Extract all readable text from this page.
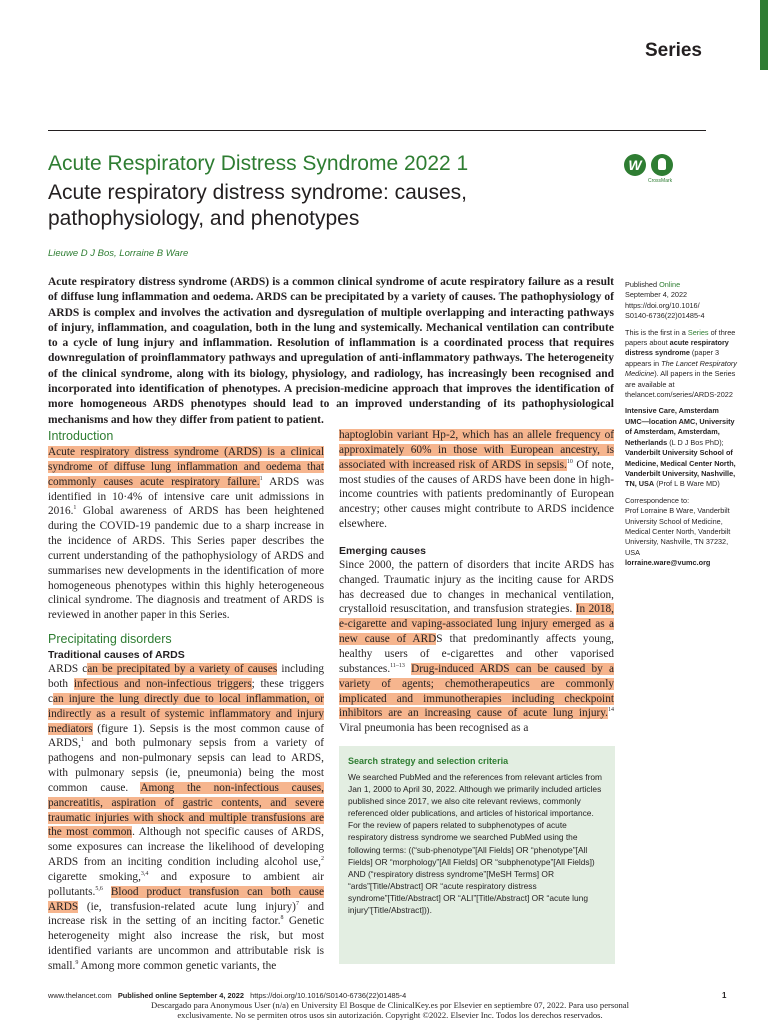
Series
Acute Respiratory Distress Syndrome 2022 1
Acute respiratory distress syndrome: causes, pathophysiology, and phenotypes
Lieuwe D J Bos, Lorraine B Ware
W
CrossMark

Acute respiratory distress syndrome (ARDS) is a common clinical syndrome of acute respiratory failure as a result of diffuse lung inflammation and oedema. ARDS can be precipitated by a variety of causes. The pathophysiology of ARDS is complex and involves the activation and dysregulation of multiple overlapping and interacting pathways of injury, inflammation, and coagulation, both in the lung and systemically. Mechanical ventilation can contribute to a cycle of lung injury and inflammation. Resolution of inflammation is a coordinated process that requires downregulation of proinflammatory pathways and upregulation of anti-inflammatory pathways. The heterogeneity of the clinical syndrome, along with its biology, physiology, and radiology, has increasingly been recognised and incorporated into identification of phenotypes. A precision-medicine approach that improves the identification of more homogeneous ARDS phenotypes should lead to an improved understanding of its pathophysiological mechanisms and how they differ from patient to patient.

Published Online
September 4, 2022
https://doi.org/10.1016/
S0140-6736(22)01485-4

This is the first in a Series of three papers about acute respiratory distress syndrome (paper 3 appears in The Lancet Respiratory Medicine). All papers in the Series are available at thelancet.com/series/ARDS-2022

Intensive Care, Amsterdam UMC—location AMC, University of Amsterdam, Amsterdam, Netherlands (L D J Bos PhD); Vanderbilt University School of Medicine, Medical Center North, Vanderbilt University, Nashville, TN, USA (Prof L B Ware MD)

Correspondence to:
Prof Lorraine B Ware, Vanderbilt University School of Medicine, Medical Center North, Vanderbilt University, Nashville, TN 37232, USA
lorraine.ware@vumc.org

Introduction

Acute respiratory distress syndrome (ARDS) is a clinical syndrome of diffuse lung inflammation and oedema that commonly causes acute respiratory failure.$^1$ ARDS was identified in 10·4% of intensive care unit admissions in 2016.$^1$ Global awareness of ARDS has been heightened during the COVID-19 pandemic due to a sharp increase in the incidence of ARDS. This Series paper describes the current understanding of the pathophysiology of ARDS and summarises new developments in the identification of more homogeneous phenotypes within this highly heterogeneous clinical syndrome. The diagnosis and treatment of ARDS is reviewed in another paper in this Series.

Precipitating disorders
Traditional causes of ARDS

ARDS can be precipitated by a variety of causes including both infectious and non-infectious triggers; these triggers can injure the lung directly due to local inflammation, or indirectly as a result of systemic inflammatory and injury mediators (figure 1). Sepsis is the most common cause of ARDS,$^1$ and both pulmonary sepsis from a variety of pathogens and non-pulmonary sepsis can lead to ARDS, with pulmonary sepsis (ie, pneumonia) being the most common cause. Among the non-infectious causes, pancreatitis, aspiration of gastric contents, and severe traumatic injuries with shock and multiple transfusions are the most common. Although not specific causes of ARDS, some exposures can increase the likelihood of developing ARDS from an inciting condition including alcohol use,$^2$ cigarette smoking,$^{3,4}$ and exposure to ambient air pollutants.$^{5,6}$ Blood product transfusion can both cause ARDS (ie, transfusion-related acute lung injury)$^7$ and increase risk in the setting of an inciting factor.$^8$ Genetic heterogeneity might also increase the risk, but most identified variants are uncommon and attributable risk is small.$^9$ Among more common genetic variants, the

haptoglobin variant Hp-2, which has an allele frequency of approximately 60% in those with European ancestry, is associated with increased risk of ARDS in sepsis.$^{10}$ Of note, most studies of the causes of ARDS have been done in high-income countries with patients predominantly of European ancestry; other causes might contribute to ARDS incidence elsewhere.

Emerging causes

Since 2000, the pattern of disorders that incite ARDS has changed. Traumatic injury as the inciting cause for ARDS has decreased due to changes in mechanical ventilation, crystalloid resuscitation, and transfusion strategies. In 2018, e-cigarette and vaping-associated lung injury emerged as a new cause of ARDS that predominantly affects young, healthy users of e-cigarettes and other vaporised substances.$^{11-13}$ Drug-induced ARDS can be caused by a variety of agents; chemotherapeutics are commonly implicated and immunotherapies including checkpoint inhibitors are an increasing cause of acute lung injury.$^{14}$ Viral pneumonia has been recognised as a

Search strategy and selection criteria
We searched PubMed and the references from relevant articles from Jan 1, 2000 to April 30, 2022. Although we primarily included articles published since 2017, we also cite relevant reviews, commonly referenced older publications, and articles of historical importance. For the review of papers related to subphenotypes of acute respiratory distress syndrome we searched PubMed using the following terms: ((“sub-phenotype”[All Fields] OR “phenotype”[All Fields] OR “morphology”[All Fields] OR “subphenotype”[All Fields]) AND (“respiratory distress syndrome”[MeSH Terms] OR “ards”[Title/Abstract] OR “acute respiratory distress syndrome”[Title/Abstract] OR “ALI”[Title/Abstract] OR “acute lung injury”[Title/Abstract])).
www.thelancet.com Published online September 4, 2022 https://doi.org/10.1016/S0140-6736(22)01485-4	1
Descargado para Anonymous User (n/a) en University El Bosque de ClinicalKey.es por Elsevier en septiembre 07, 2022. Para uso personal exclusivamente. No se permiten otros usos sin autorización. Copyright ©2022. Elsevier Inc. Todos los derechos reservados.
